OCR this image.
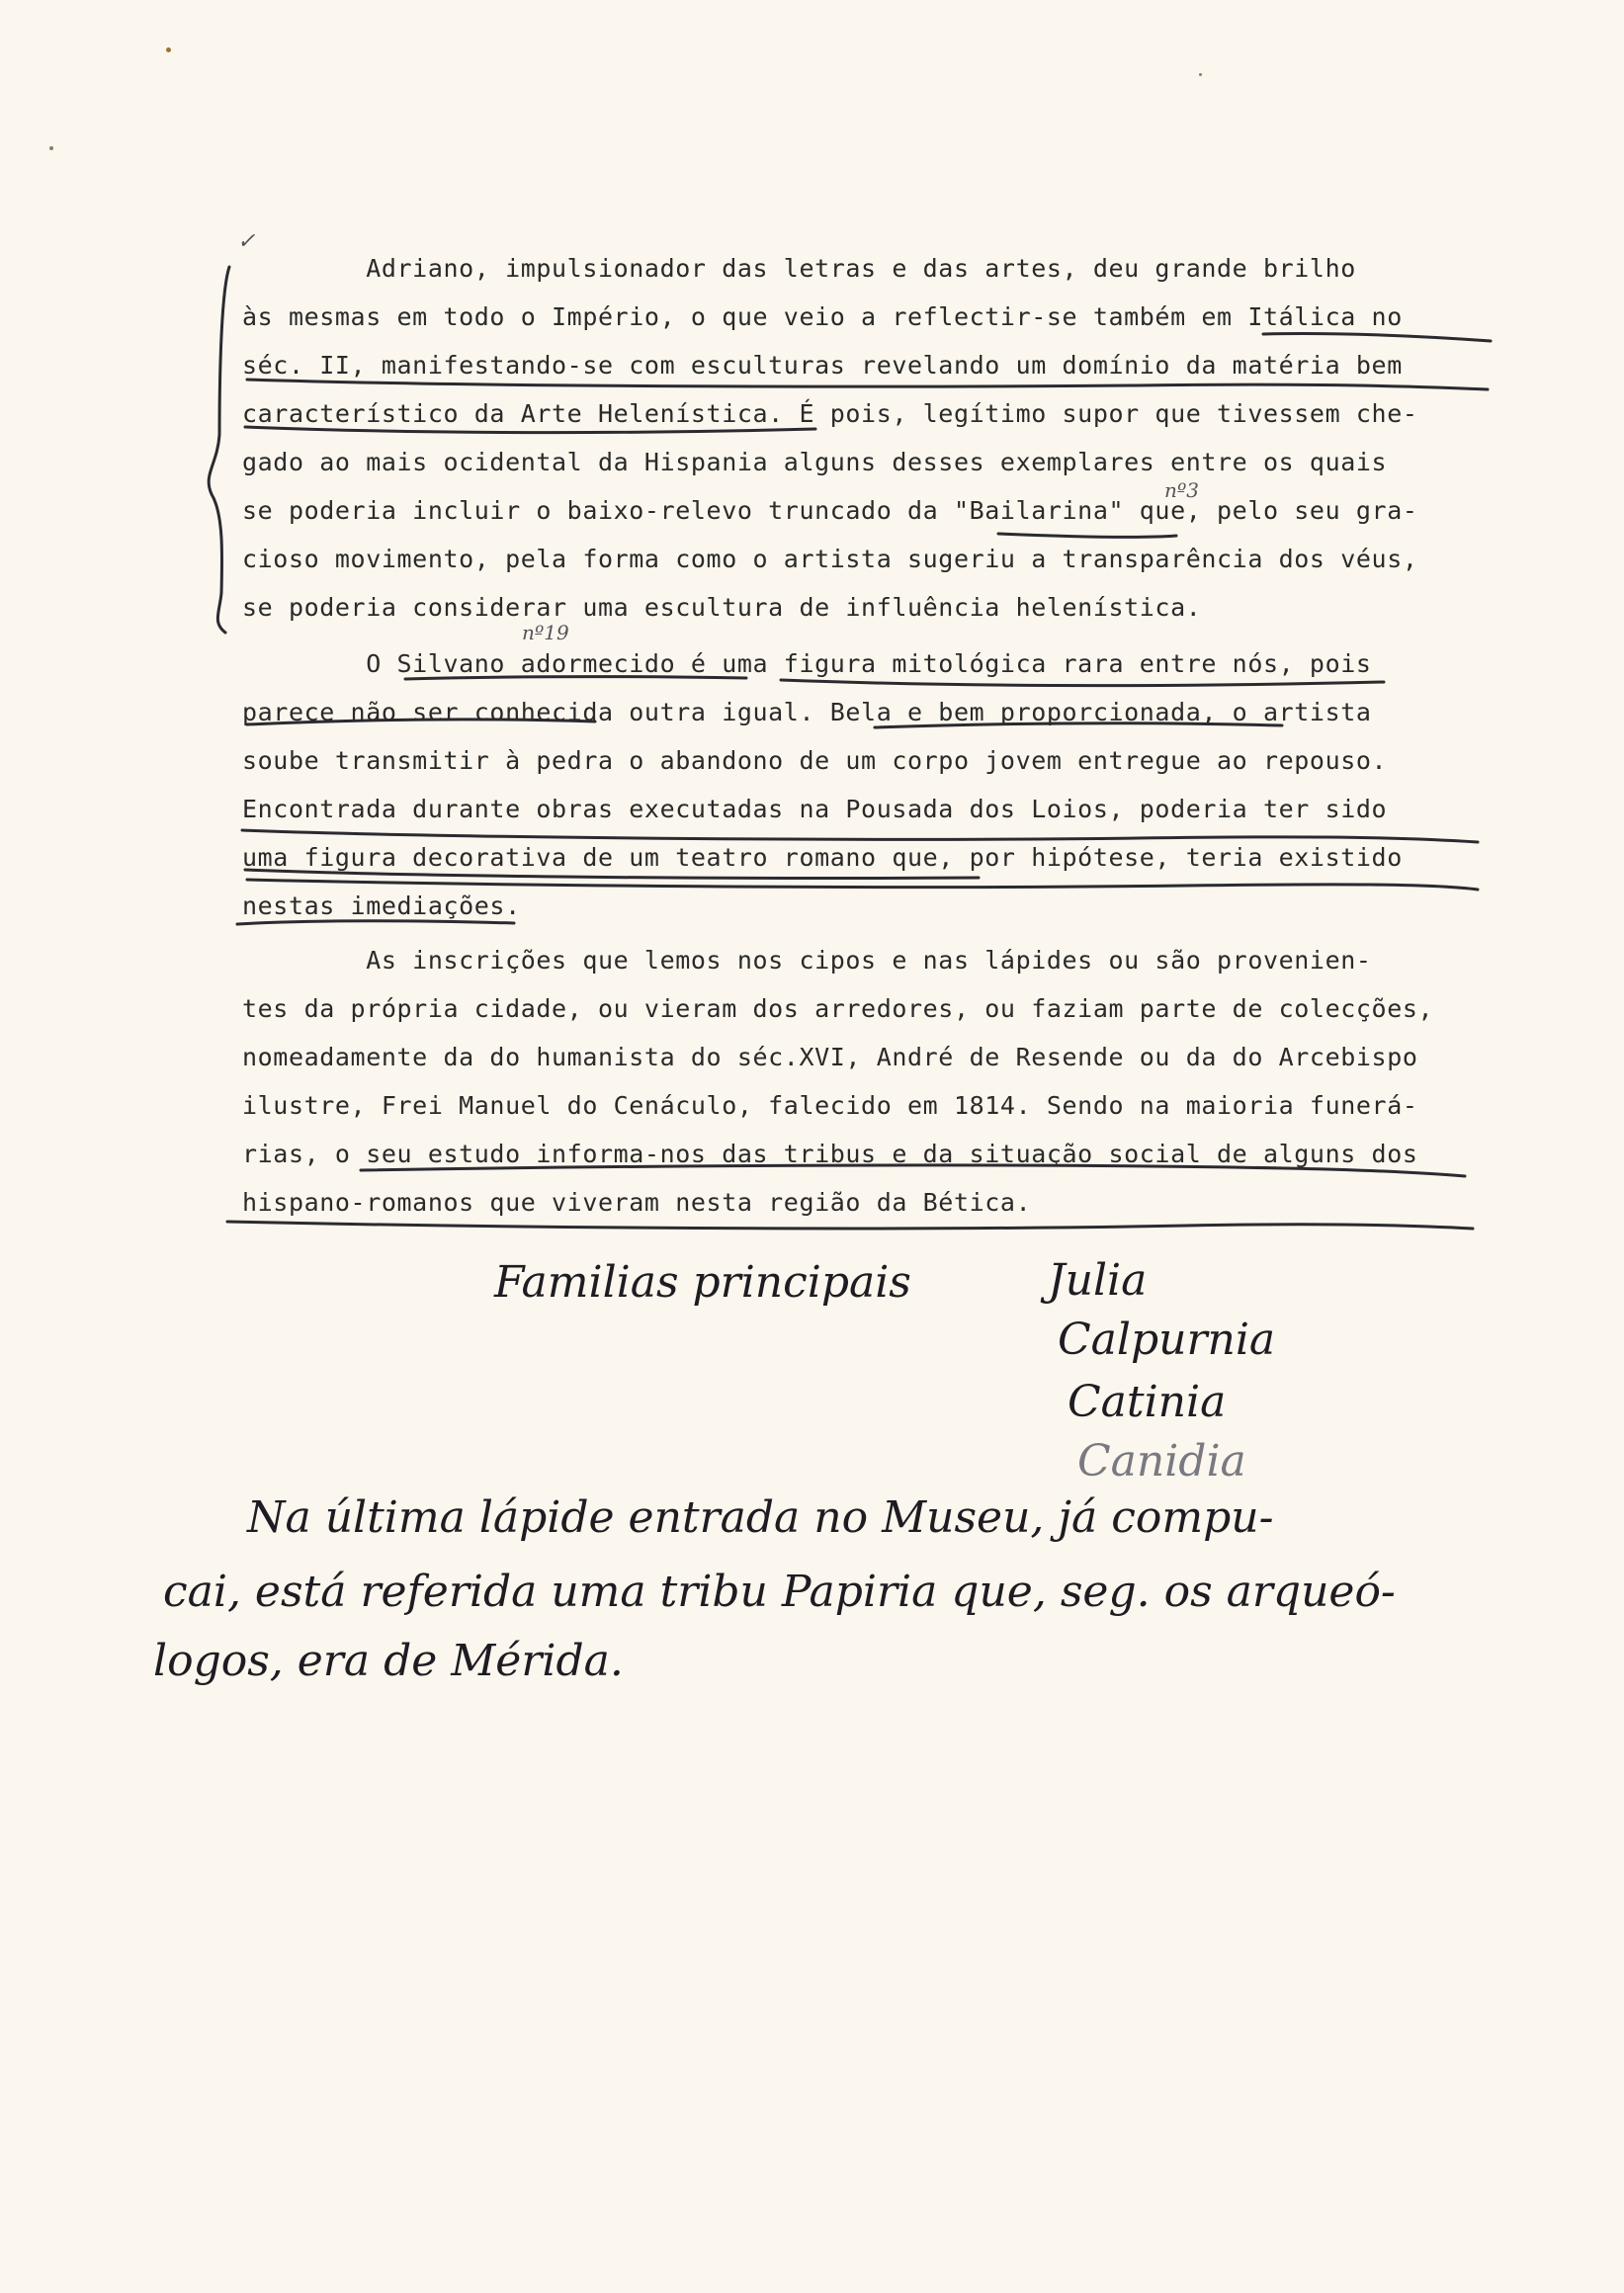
Adriano, impulsionador das letras e das artes, deu grande brilho
às mesmas em todo o Império, o que veio a reflectir-se também em Itálica no
séc. II, manifestando-se com esculturas revelando um domínio da matéria bem
característico da Arte Helenística. É pois, legítimo supor que tivessem che-
gado ao mais ocidental da Hispania alguns desses exemplares entre os quais
se poderia incluir o baixo-relevo truncado da "Bailarina" que, pelo seu gra-
cioso movimento, pela forma como o artista sugeriu a transparência dos véus,
se poderia considerar uma escultura de influência helenística.
O Silvano adormecido é uma figura mitológica rara entre nós, pois
parece não ser conhecida outra igual. Bela e bem proporcionada, o artista
soube transmitir à pedra o abandono de um corpo jovem entregue ao repouso.
Encontrada durante obras executadas na Pousada dos Loios, poderia ter sido
uma figura decorativa de um teatro romano que, por hipótese, teria existido
nestas imediações.
As inscrições que lemos nos cipos e nas lápides ou são provenien-
tes da própria cidade, ou vieram dos arredores, ou faziam parte de colecções,
nomeadamente da do humanista do séc.XVI, André de Resende ou da do Arcebispo
ilustre, Frei Manuel do Cenáculo, falecido em 1814. Sendo na maioria funerá-
rias, o seu estudo informa-nos das tribus e da situação social de alguns dos
hispano-romanos que viveram nesta região da Bética.
✓
nº3
nº19
Familias principais	Julia
Calpurnia
Catinia
Canidia
Na última lápide entrada no Museu, já compu-
cai, está referida uma tribu Papiria que, seg. os arqueó-
logos, era de Mérida.
